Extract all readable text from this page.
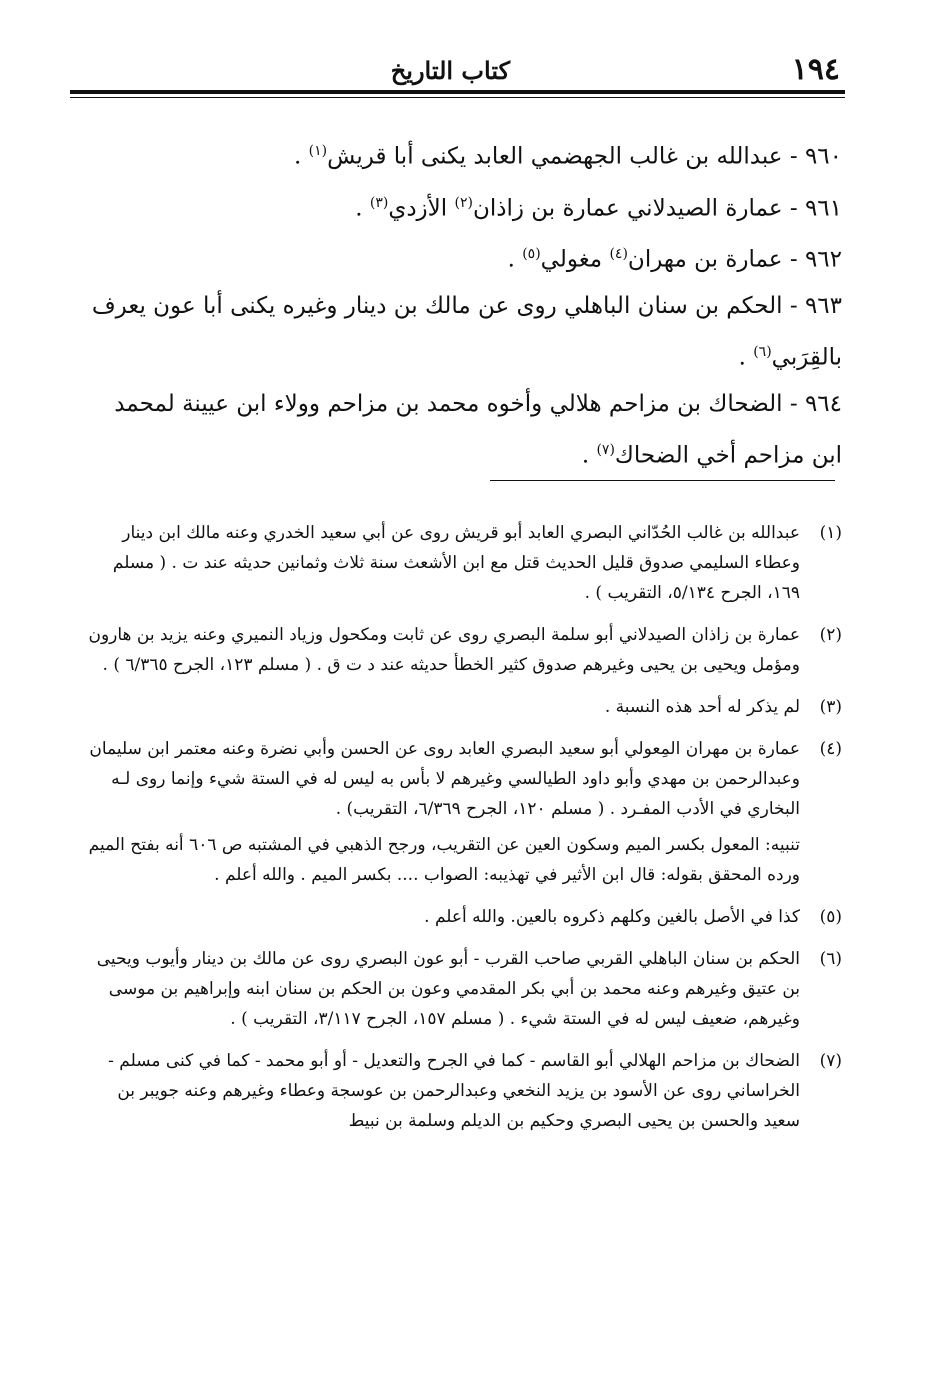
١٩٤
كتاب التاريخ
٩٦٠ - عبدالله بن غالب الجهضمي العابد يكنى أبا قريش$^{(١)}$ .
٩٦١ - عمارة الصيدلاني عمارة بن زاذان$^{(٢)}$ الأزدي$^{(٣)}$ .
٩٦٢ - عمارة بن مهران$^{(٤)}$ مغولي$^{(٥)}$ .
٩٦٣ - الحكم بن سنان الباهلي روى عن مالك بن دينار وغيره يكنى أبا عون يعرف بالقِرَبي$^{(٦)}$ .
٩٦٤ - الضحاك بن مزاحم هلالي وأخوه محمد بن مزاحم وولاء ابن عيينة لمحمد ابن مزاحم أخي الضحاك$^{(٧)}$ .
(١)
عبدالله بن غالب الحُدّاني البصري العابد أبو قريش روى عن أبي سعيد الخدري وعنه مالك ابن دينار وعطاء السليمي صدوق قليل الحديث قتل مع ابن الأشعث سنة ثلاث وثمانين حديثه عند ت . ( مسلم ١٦٩، الجرح ٥/١٣٤، التقريب ) .
(٢)
عمارة بن زاذان الصيدلاني أبو سلمة البصري روى عن ثابت ومكحول وزياد النميري وعنه يزيد بن هارون ومؤمل ويحيى بن يحيى وغيرهم صدوق كثير الخطأ حديثه عند د ت ق . ( مسلم ١٢٣، الجرح ٦/٣٦٥ ) .
(٣)
لم يذكر له أحد هذه النسبة .
(٤)
عمارة بن مهران المِعولي أبو سعيد البصري العابد روى عن الحسن وأبي نضرة وعنه معتمر ابن سليمان وعبدالرحمن بن مهدي وأبو داود الطيالسي وغيرهم لا بأس به ليس له في الستة شيء وإنما روى لـه البخاري في الأدب المفـرد . ( مسلم ١٢٠، الجرح ٦/٣٦٩، التقريب) .
تنبيه: المعول بكسر الميم وسكون العين عن التقريب، ورجح الذهبي في المشتبه ص ٦٠٦ أنه بفتح الميم ورده المحقق بقوله: قال ابن الأثير في تهذيبه: الصواب .... بكسر الميم . والله أعلم .
(٥)
كذا في الأصل بالغين وكلهم ذكروه بالعين. والله أعلم .
(٦)
الحكم بن سنان الباهلي القربي صاحب القرب - أبو عون البصري روى عن مالك بن دينار وأيوب ويحيى بن عتيق وغيرهم وعنه محمد بن أبي بكر المقدمي وعون بن الحكم بن سنان ابنه وإبراهيم بن موسى وغيرهم، ضعيف ليس له في الستة شيء . ( مسلم ١٥٧، الجرح ٣/١١٧، التقريب ) .
(٧)
الضحاك بن مزاحم الهلالي أبو القاسم - كما في الجرح والتعديل - أو أبو محمد - كما في كنى مسلم - الخراساني روى عن الأسود بن يزيد النخعي وعبدالرحمن بن عوسجة وعطاء وغيرهم وعنه جويبر بن سعيد والحسن بن يحيى البصري وحكيم بن الديلم وسلمة بن نبيط
